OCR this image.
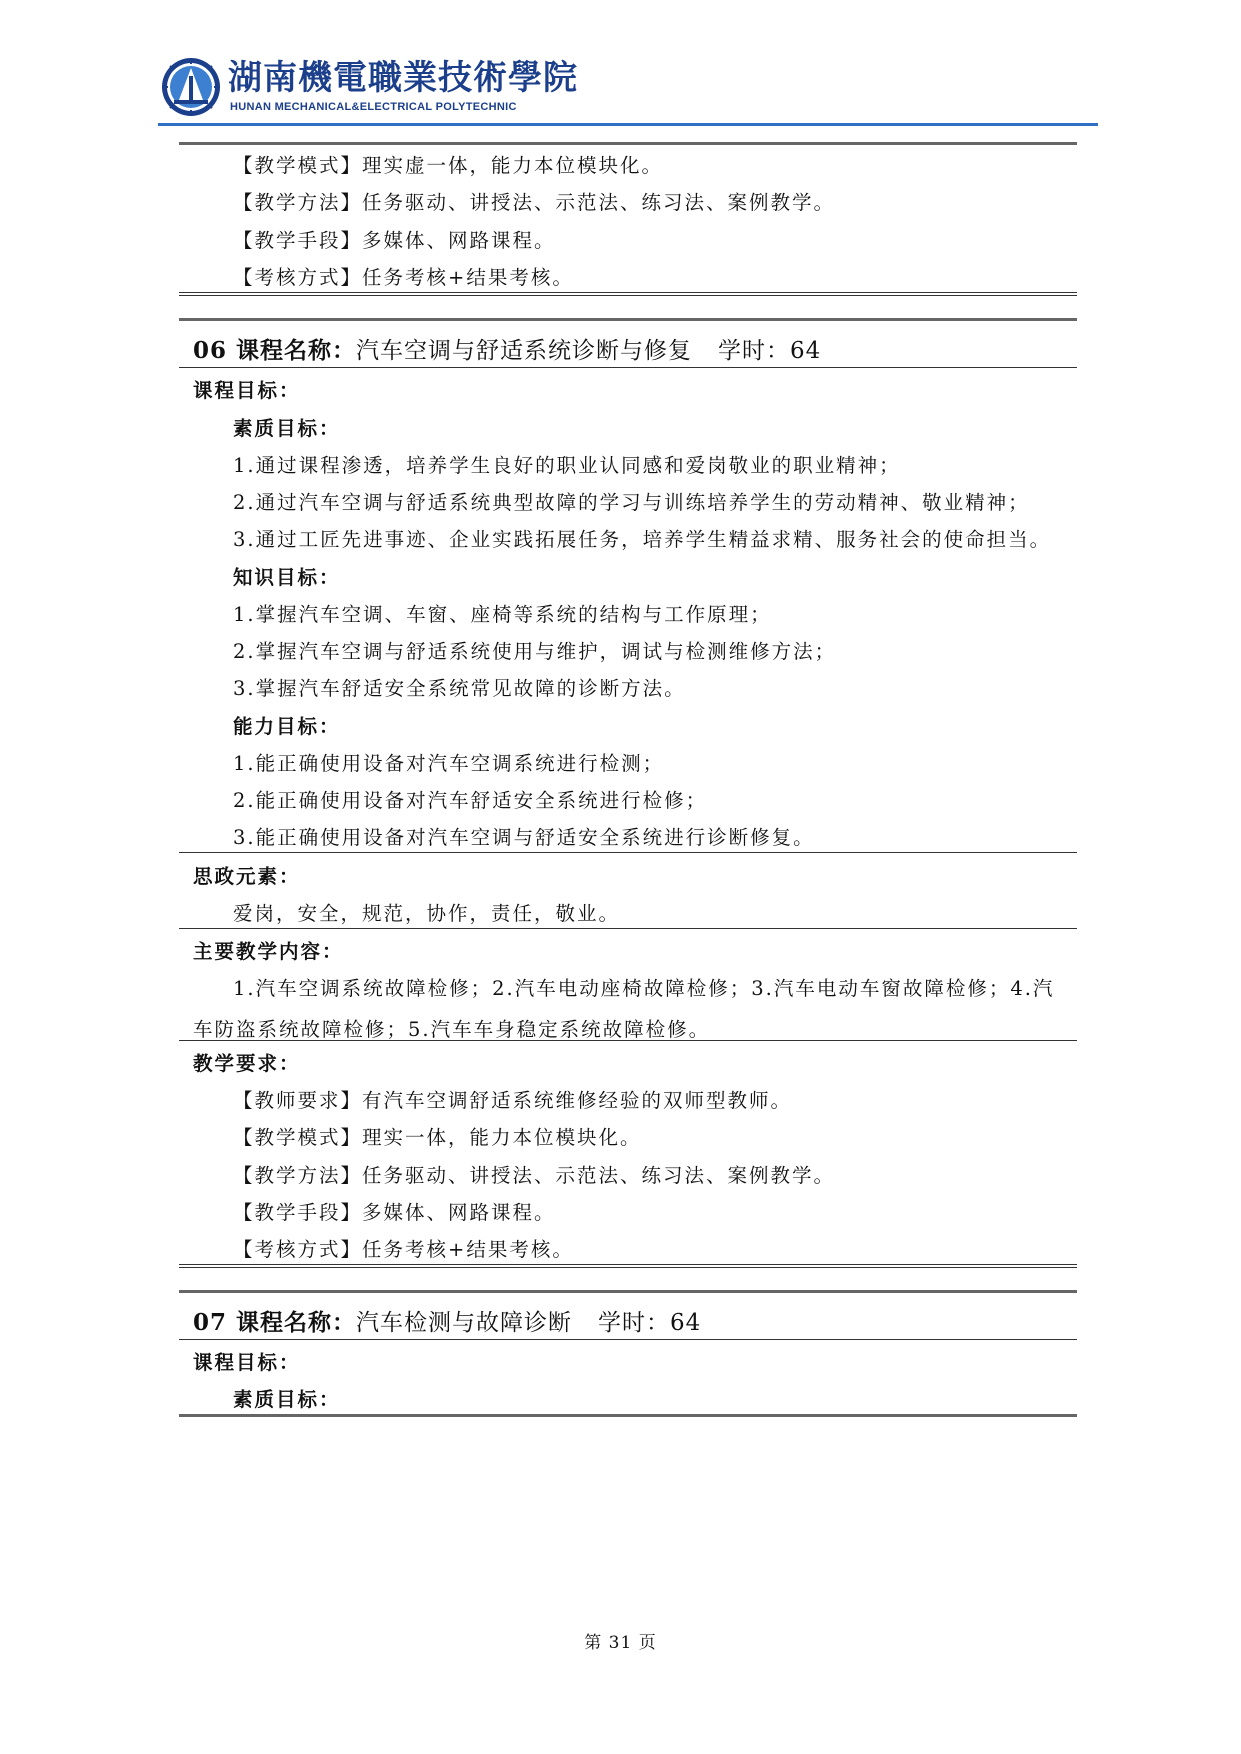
湖南機電職業技術學院
HUNAN MECHANICAL&ELECTRICAL POLYTECHNIC
【教学模式】理实虚一体，能力本位模块化。
【教学方法】任务驱动、讲授法、示范法、练习法、案例教学。
【教学手段】多媒体、网路课程。
【考核方式】任务考核+结果考核。
06 课程名称：汽车空调与舒适系统诊断与修复 学时：64
课程目标：
素质目标：
1.通过课程渗透，培养学生良好的职业认同感和爱岗敬业的职业精神；
2.通过汽车空调与舒适系统典型故障的学习与训练培养学生的劳动精神、敬业精神；
3.通过工匠先进事迹、企业实践拓展任务，培养学生精益求精、服务社会的使命担当。
知识目标：
1.掌握汽车空调、车窗、座椅等系统的结构与工作原理；
2.掌握汽车空调与舒适系统使用与维护，调试与检测维修方法；
3.掌握汽车舒适安全系统常见故障的诊断方法。
能力目标：
1.能正确使用设备对汽车空调系统进行检测；
2.能正确使用设备对汽车舒适安全系统进行检修；
3.能正确使用设备对汽车空调与舒适安全系统进行诊断修复。
思政元素：
爱岗，安全，规范，协作，责任，敬业。
主要教学内容：
1.汽车空调系统故障检修；2.汽车电动座椅故障检修；3.汽车电动车窗故障检修；4.汽车防盗系统故障检修；5.汽车车身稳定系统故障检修。
教学要求：
【教师要求】有汽车空调舒适系统维修经验的双师型教师。
【教学模式】理实一体，能力本位模块化。
【教学方法】任务驱动、讲授法、示范法、练习法、案例教学。
【教学手段】多媒体、网路课程。
【考核方式】任务考核+结果考核。
07 课程名称：汽车检测与故障诊断 学时：64
课程目标：
素质目标：
第 31 页
